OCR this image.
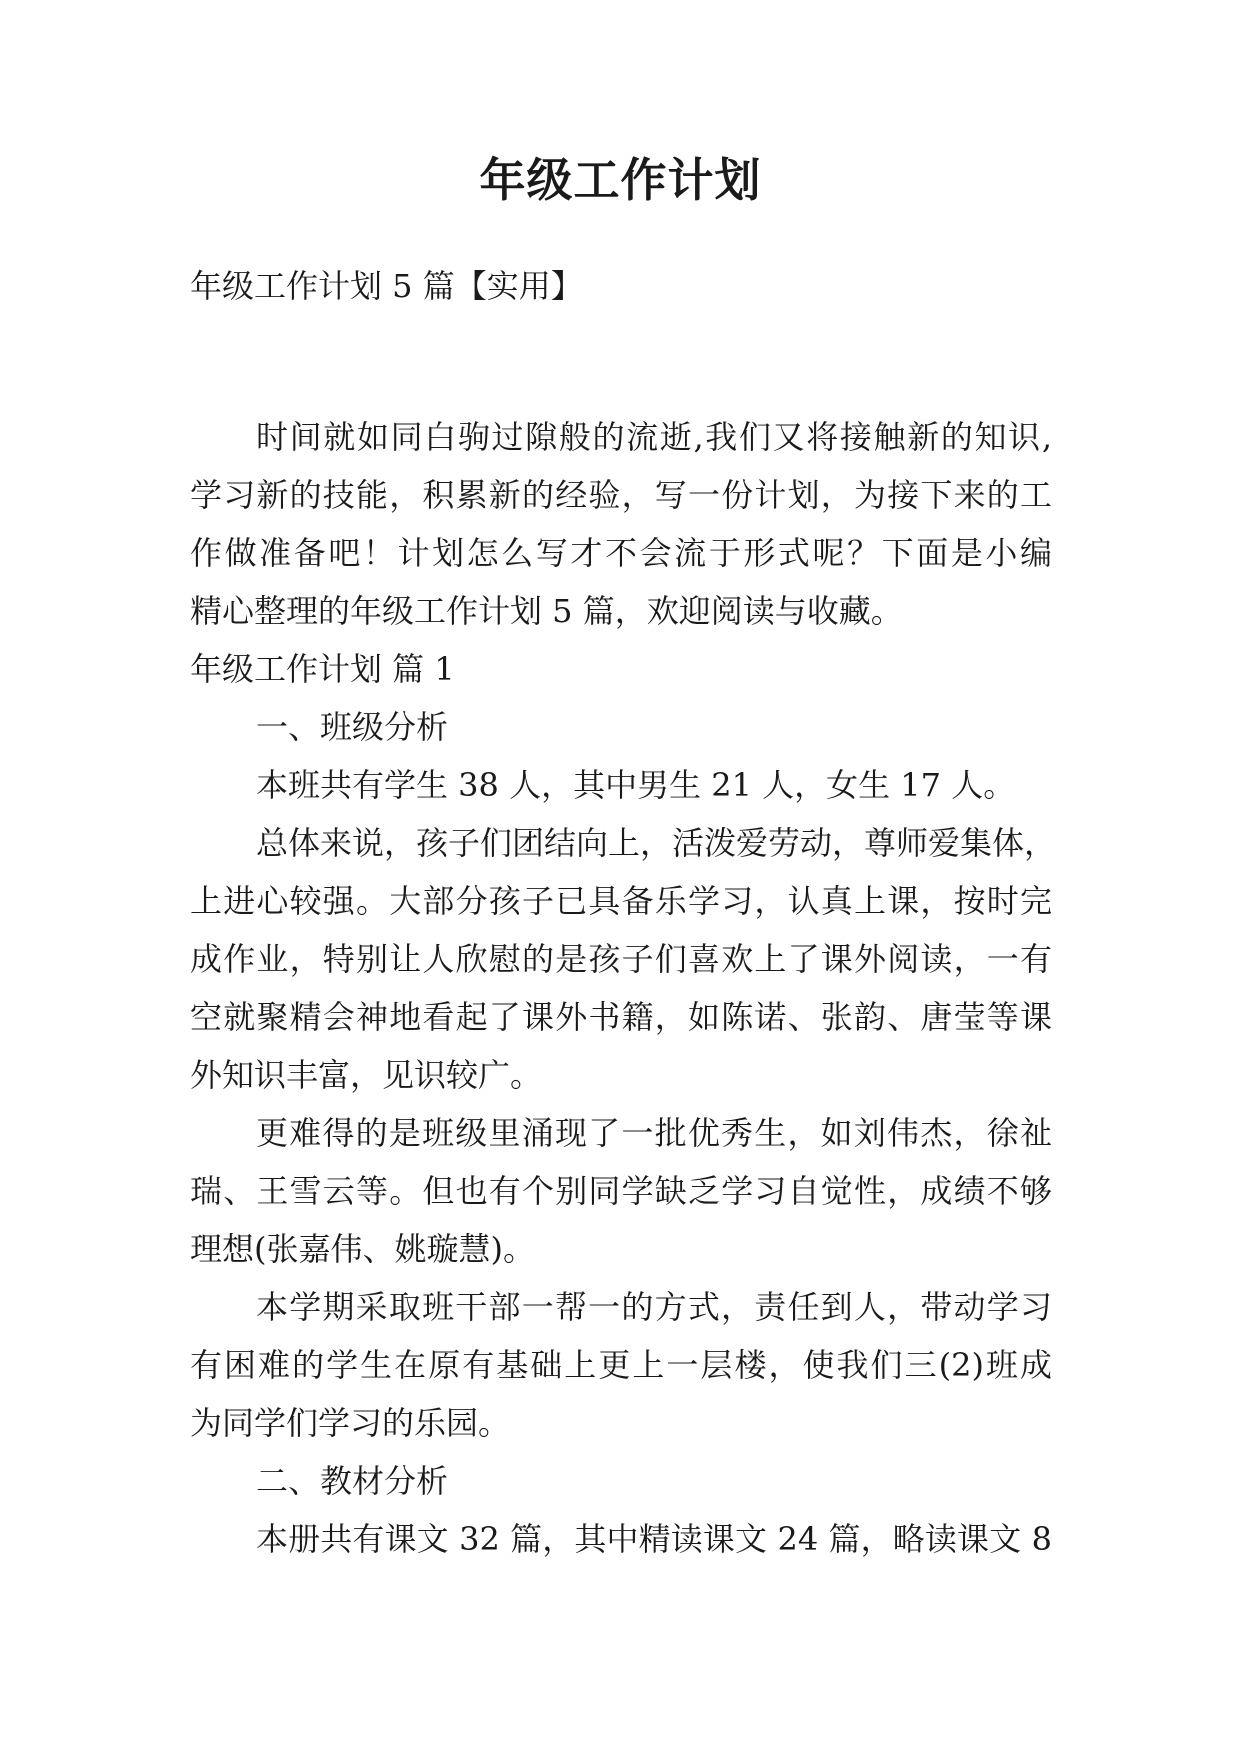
年级工作计划
年级工作计划 5 篇【实用】
时间就如同白驹过隙般的流逝,我们又将接触新的知识,
学习新的技能，积累新的经验，写一份计划，为接下来的工
作做准备吧！计划怎么写才不会流于形式呢？下面是小编
精心整理的年级工作计划 5 篇，欢迎阅读与收藏。
年级工作计划 篇 1
一、班级分析
本班共有学生 38 人，其中男生 21 人，女生 17 人。
总体来说，孩子们团结向上，活泼爱劳动，尊师爱集体，
上进心较强。大部分孩子已具备乐学习，认真上课，按时完
成作业，特别让人欣慰的是孩子们喜欢上了课外阅读，一有
空就聚精会神地看起了课外书籍，如陈诺、张韵、唐莹等课
外知识丰富，见识较广。
更难得的是班级里涌现了一批优秀生，如刘伟杰，徐祉
瑞、王雪云等。但也有个别同学缺乏学习自觉性，成绩不够
理想(张嘉伟、姚璇慧)。
本学期采取班干部一帮一的方式，责任到人，带动学习
有困难的学生在原有基础上更上一层楼，使我们三(2)班成
为同学们学习的乐园。
二、教材分析
本册共有课文 32 篇，其中精读课文 24 篇，略读课文 8
